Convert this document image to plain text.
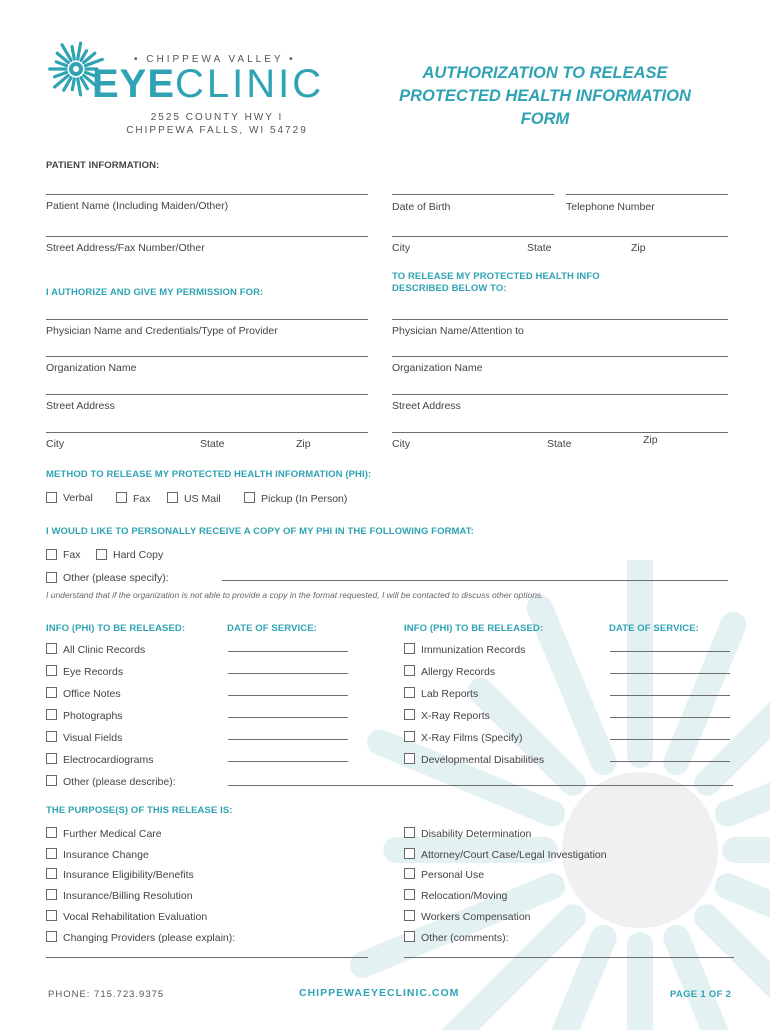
• CHIPPEWA VALLEY •
EYECLINIC
2525 COUNTY HWY I
CHIPPEWA FALLS, WI 54729
AUTHORIZATION TO RELEASE
PROTECTED HEALTH INFORMATION
FORM
PATIENT INFORMATION:
Patient Name (Including Maiden/Other)	Date of Birth	Telephone Number
Street Address/Fax Number/Other	City	State	Zip
I AUTHORIZE AND GIVE MY PERMISSION FOR:
TO RELEASE MY PROTECTED HEALTH INFO
DESCRIBED BELOW TO:
Physician Name and Credentials/Type of Provider	Physician Name/Attention to
Organization Name	Organization Name
Street Address	Street Address
City	State	Zip	City	State	Zip
METHOD TO RELEASE MY PROTECTED HEALTH INFORMATION (PHI):
Verbal	Fax	US Mail	Pickup (In Person)
I WOULD LIKE TO PERSONALLY RECEIVE A COPY OF MY PHI IN THE FOLLOWING FORMAT:
Fax	Hard Copy
Other (please specify):
I understand that if the organization is not able to provide a copy in the format requested, I will be contacted to discuss other options.
INFO (PHI) TO BE RELEASED:	DATE OF SERVICE:	INFO (PHI) TO BE RELEASED:	DATE OF SERVICE:
All Clinic Records
Eye Records
Office Notes
Photographs
Visual Fields
Electrocardiograms
Other (please describe):
Immunization Records
Allergy Records
Lab Reports
X-Ray Reports
X-Ray Films (Specify)
Developmental Disabilities
THE PURPOSE(S) OF THIS RELEASE IS:
Further Medical Care
Insurance Change
Insurance Eligibility/Benefits
Insurance/Billing Resolution
Vocal Rehabilitation Evaluation
Changing Providers (please explain):
Disability Determination
Attorney/Court Case/Legal Investigation
Personal Use
Relocation/Moving
Workers Compensation
Other (comments):
PHONE: 715.723.9375	CHIPPEWAEYECLINIC.COM	PAGE 1 OF 2
